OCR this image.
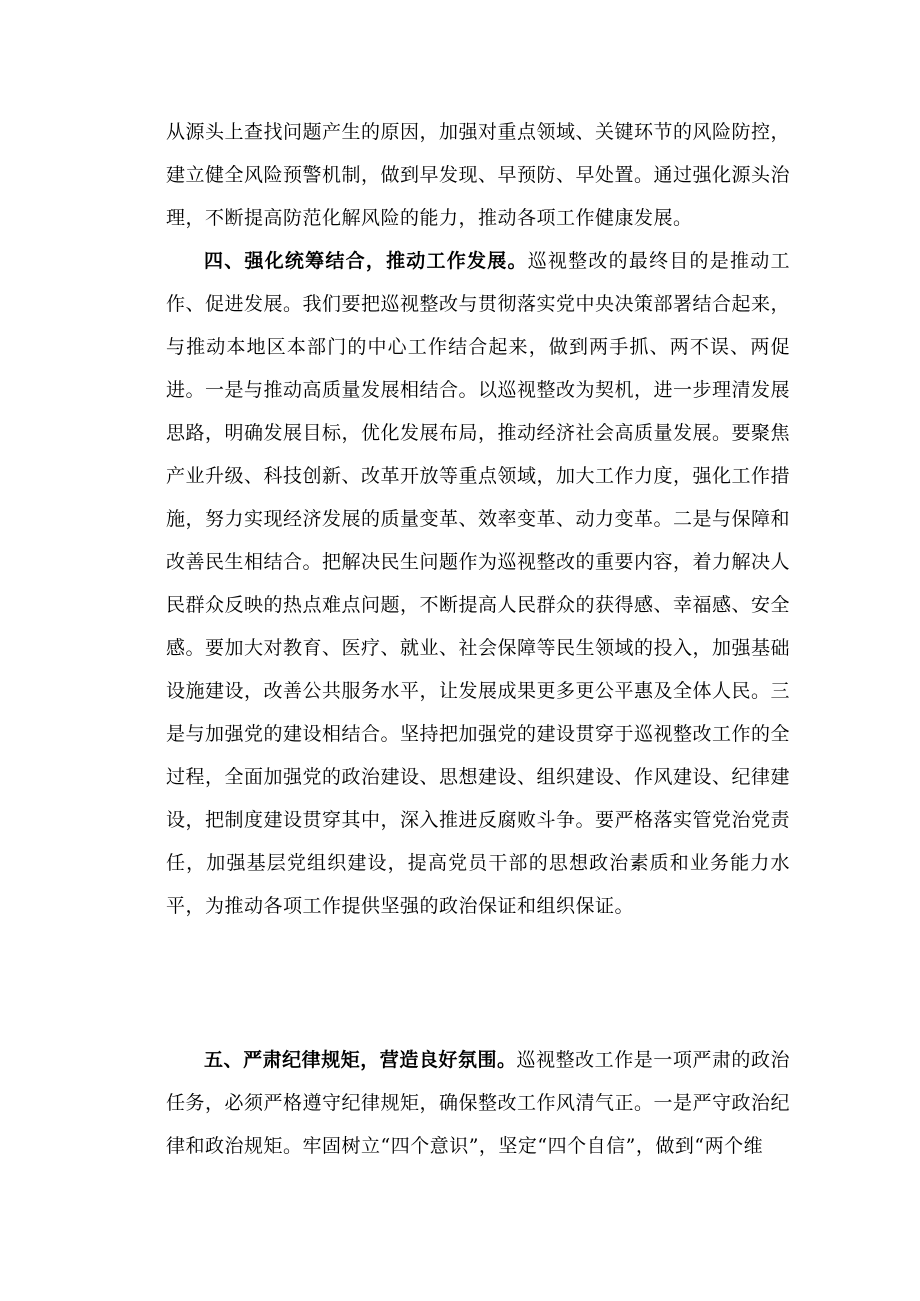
从源头上查找问题产生的原因，加强对重点领域、关键环节的风险防控，建立健全风险预警机制，做到早发现、早预防、早处置。通过强化源头治理，不断提高防范化解风险的能力，推动各项工作健康发展。

四、强化统筹结合，推动工作发展。巡视整改的最终目的是推动工作、促进发展。我们要把巡视整改与贯彻落实党中央决策部署结合起来，与推动本地区本部门的中心工作结合起来，做到两手抓、两不误、两促进。一是与推动高质量发展相结合。以巡视整改为契机，进一步理清发展思路，明确发展目标，优化发展布局，推动经济社会高质量发展。要聚焦产业升级、科技创新、改革开放等重点领域，加大工作力度，强化工作措施，努力实现经济发展的质量变革、效率变革、动力变革。二是与保障和改善民生相结合。把解决民生问题作为巡视整改的重要内容，着力解决人民群众反映的热点难点问题，不断提高人民群众的获得感、幸福感、安全感。要加大对教育、医疗、就业、社会保障等民生领域的投入，加强基础设施建设，改善公共服务水平，让发展成果更多更公平惠及全体人民。三是与加强党的建设相结合。坚持把加强党的建设贯穿于巡视整改工作的全过程，全面加强党的政治建设、思想建设、组织建设、作风建设、纪律建设，把制度建设贯穿其中，深入推进反腐败斗争。要严格落实管党治党责任，加强基层党组织建设，提高党员干部的思想政治素质和业务能力水平，为推动各项工作提供坚强的政治保证和组织保证。

五、严肃纪律规矩，营造良好氛围。巡视整改工作是一项严肃的政治任务，必须严格遵守纪律规矩，确保整改工作风清气正。一是严守政治纪律和政治规矩。牢固树立“四个意识”，坚定“四个自信”，做到“两个维
